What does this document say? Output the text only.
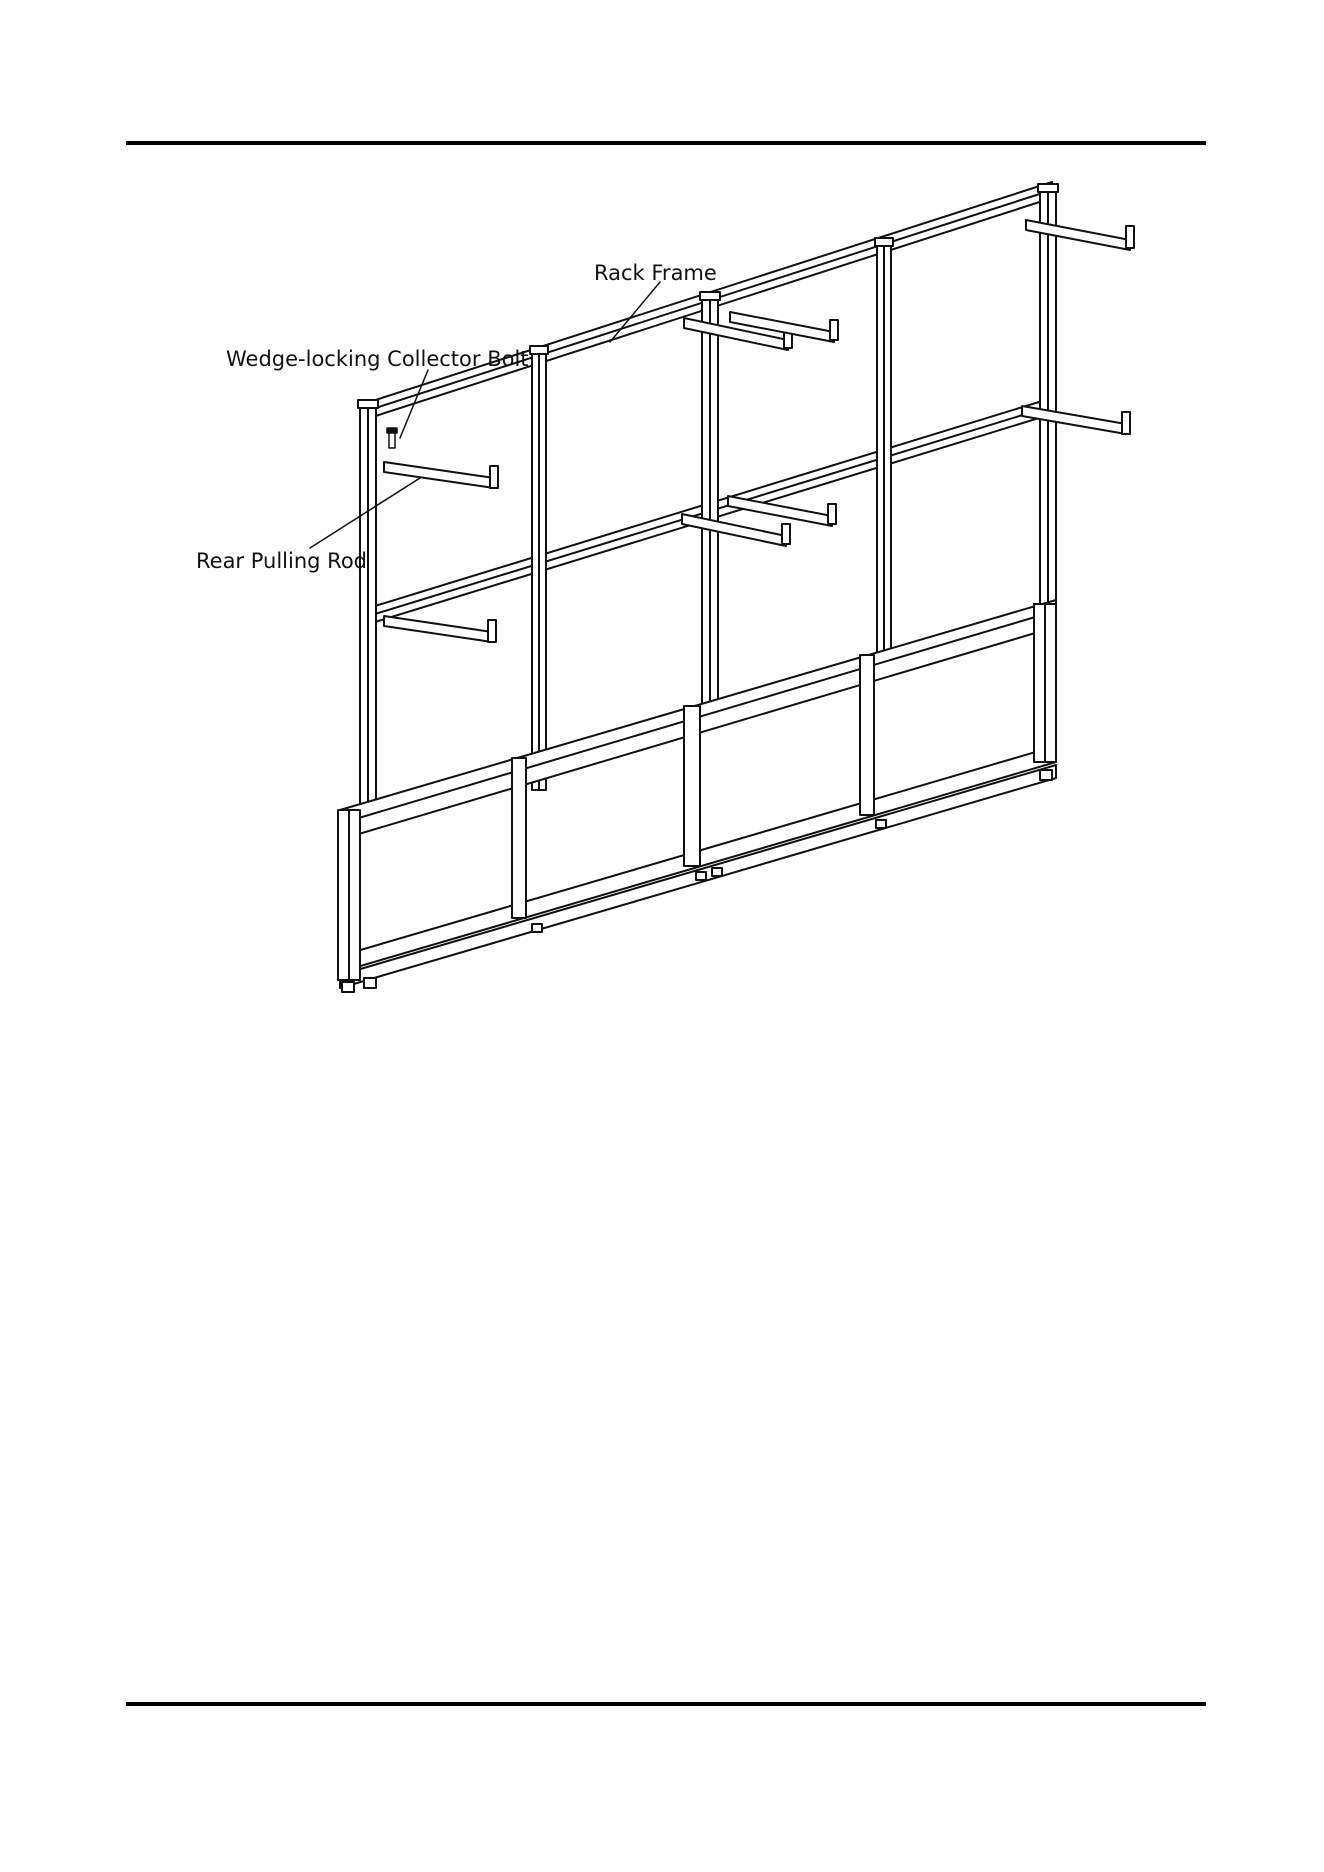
Rack Frame
Wedge-locking Collector Bolt
Rear Pulling Rod
